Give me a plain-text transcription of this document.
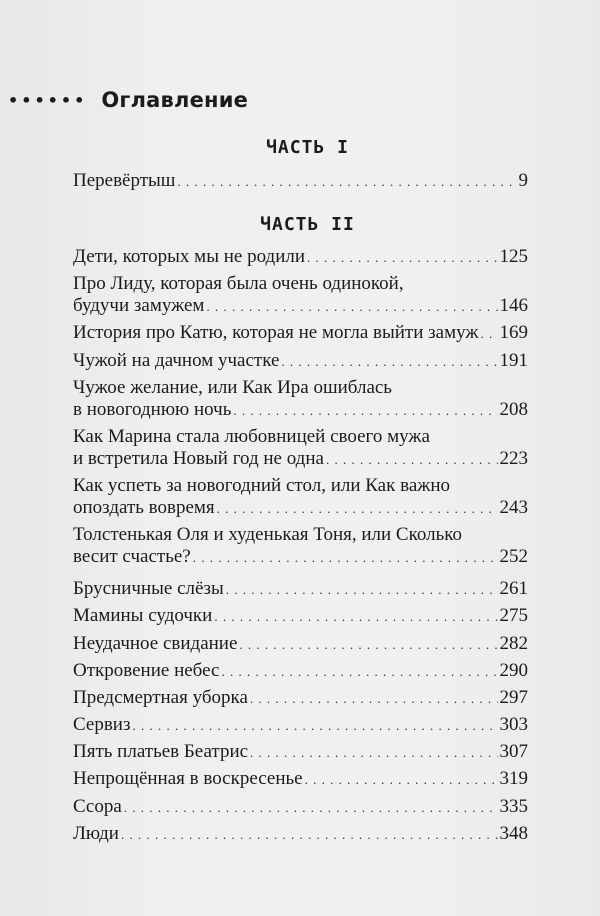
•••••• Оглавление
ЧАСТЬ I
Перевёртыш . . .	9
ЧАСТЬ II
Дети, которых мы не родили . . .	125
Про Лиду, которая была очень одинокой,
будучи замужем . . .	146
История про Катю, которая не могла выйти замуж . . . 169
Чужой на дачном участке . . .	191
Чужое желание, или Как Ира ошиблась
в новогоднюю ночь . . .	208
Как Марина стала любовницей своего мужа
и встретила Новый год не одна . . .	223
Как успеть за новогодний стол, или Как важно
опоздать вовремя . . .	243
Толстенькая Оля и худенькая Тоня, или Сколько
весит счастье? . . .	252
Брусничные слёзы . . .	261
Мамины судочки . . .	275
Неудачное свидание . . .	282
Откровение небес . . .	290
Предсмертная уборка . . .	297
Сервиз . . .	303
Пять платьев Беатрис . . .	307
Непрощённая в воскресенье . . .	319
Ссора . . .	335
Люди . . .	348
